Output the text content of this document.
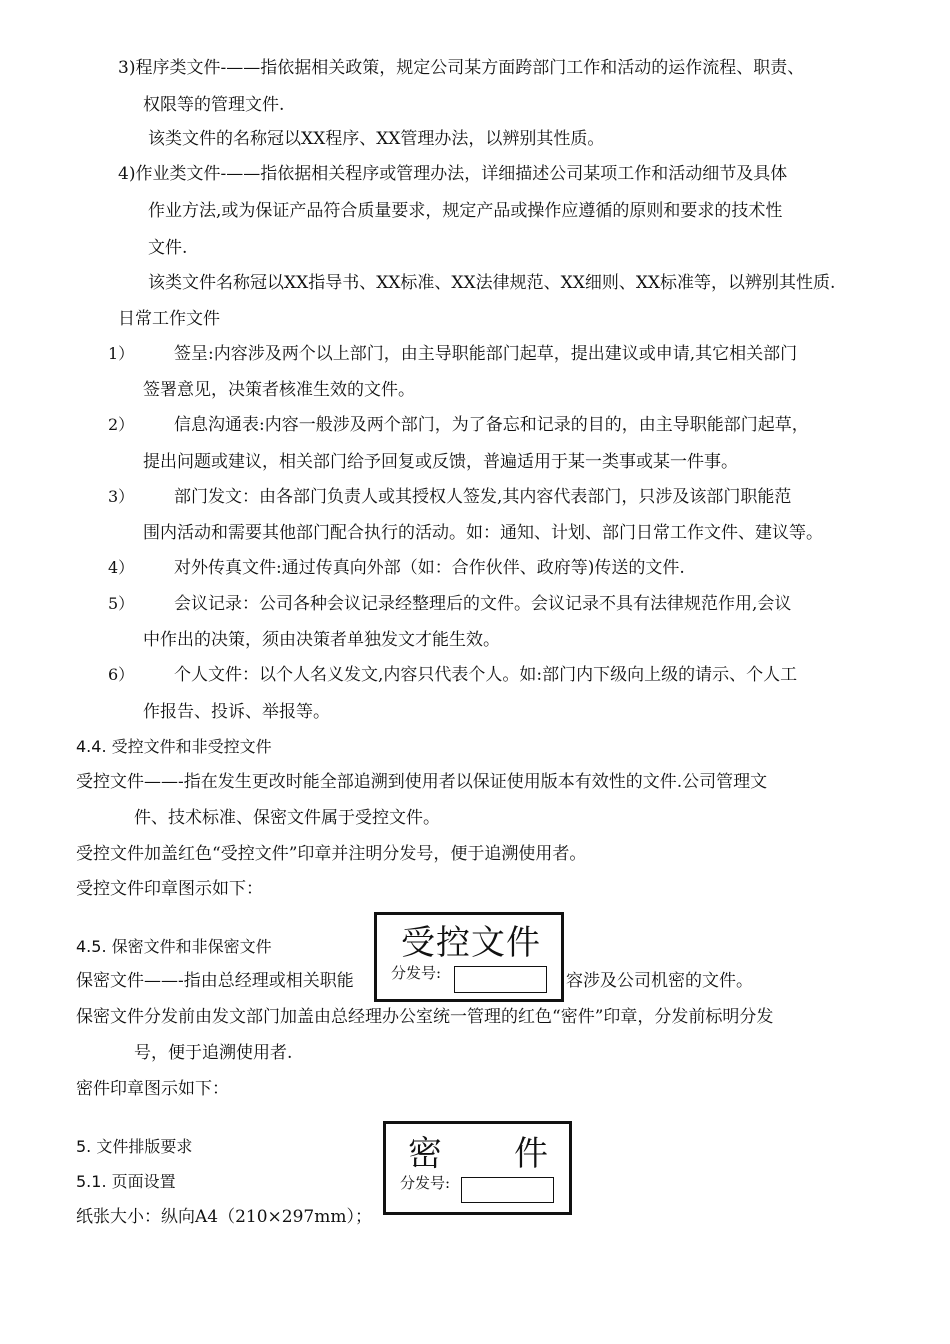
3)程序类文件-——指依据相关政策，规定公司某方面跨部门工作和活动的运作流程、职责、
权限等的管理文件.
该类文件的名称冠以XX程序、XX管理办法，以辨别其性质。
4)作业类文件-——指依据相关程序或管理办法，详细描述公司某项工作和活动细节及具体
作业方法,或为保证产品符合质量要求，规定产品或操作应遵循的原则和要求的技术性
文件.
该类文件名称冠以XX指导书、XX标准、XX法律规范、XX细则、XX标准等，以辨别其性质.
日常工作文件
1） 签呈:内容涉及两个以上部门，由主导职能部门起草，提出建议或申请,其它相关部门
签署意见，决策者核准生效的文件。
2） 信息沟通表:内容一般涉及两个部门，为了备忘和记录的目的，由主导职能部门起草，
提出问题或建议，相关部门给予回复或反馈，普遍适用于某一类事或某一件事。
3） 部门发文：由各部门负责人或其授权人签发,其内容代表部门，只涉及该部门职能范
围内活动和需要其他部门配合执行的活动。如：通知、计划、部门日常工作文件、建议等。
4） 对外传真文件:通过传真向外部（如：合作伙伴、政府等)传送的文件.
5） 会议记录：公司各种会议记录经整理后的文件。会议记录不具有法律规范作用,会议
中作出的决策，须由决策者单独发文才能生效。
6） 个人文件：以个人名义发文,内容只代表个人。如:部门内下级向上级的请示、个人工
作报告、投诉、举报等。
4.4. 受控文件和非受控文件
受控文件——-指在发生更改时能全部追溯到使用者以保证使用版本有效性的文件.公司管理文
件、技术标准、保密文件属于受控文件。
受控文件加盖红色“受控文件”印章并注明分发号，便于追溯使用者。
受控文件印章图示如下：
4.5. 保密文件和非保密文件
保密文件——-指由总经理或相关职能	容涉及公司机密的文件。
保密文件分发前由发文部门加盖由总经理办公室统一管理的红色“密件”印章，分发前标明分发
号，便于追溯使用者.
密件印章图示如下：
受控文件
分发号:
5. 文件排版要求
5.1. 页面设置
纸张大小：纵向A4（210×297mm）；
密 件
分发号:
